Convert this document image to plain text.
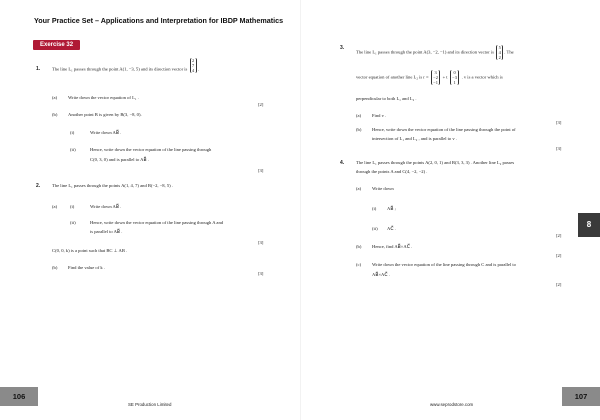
Your Practice Set – Applications and Interpretation for IBDP Mathematics
Exercise 32
1.	The line L₁ passes through the point A(1, −3, 5) and its direction vector is
2
7
4 .
(a) Write down the vector equation of L₁ .
[2]
(b) Another point B is given by B(3, −8, 0).
(i)	Write down AB⃗ .
(ii)	Hence, write down the vector equation of the line passing through
C(0, 3, 0) and is parallel to AB⃗ .
[3]
2.	The line L₁ passes through the points A(1, 4, 7) and B(−2, −8, 5) .
(a)	(i)	Write down AB⃗ .
(ii)	Hence, write down the vector equation of the line passing through A and
is parallel to AB⃗ .
[3]
C(0, 0, k) is a point such that BC ⊥ AB .
(b) Find the value of k .
[3]
106
SE Production Limited
3.
The line L₁ passes through the point A(3, −2, −1) and its direction vector is
5
4
2
. The
vector equation of another line L₂ is r =
3
−2
−1
+ t
0
−3
1
. v is a vector which is
perpendicular to both L₁ and L₂ .
(a) Find v .
[3]
(b) Hence, write down the vector equation of the line passing through the point of
intersection of L₁ and L₂ , and is parallel to v .
[3]
4.	The line L₁ passes through the points A(2, 0, 1) and B(3, 3, 3) . Another line L₂ passes
through the points A and C(4, −2, −2) .
(a) Write down
(i) AB⃗ ;
(ii) AC⃗ .
[2]
(b) Hence, find AB⃗×AC⃗ .
[2]
(c) Write down the vector equation of the line passing through C and is parallel to
AB⃗×AC⃗ .
[2]
8
107
www.seprodstore.com
